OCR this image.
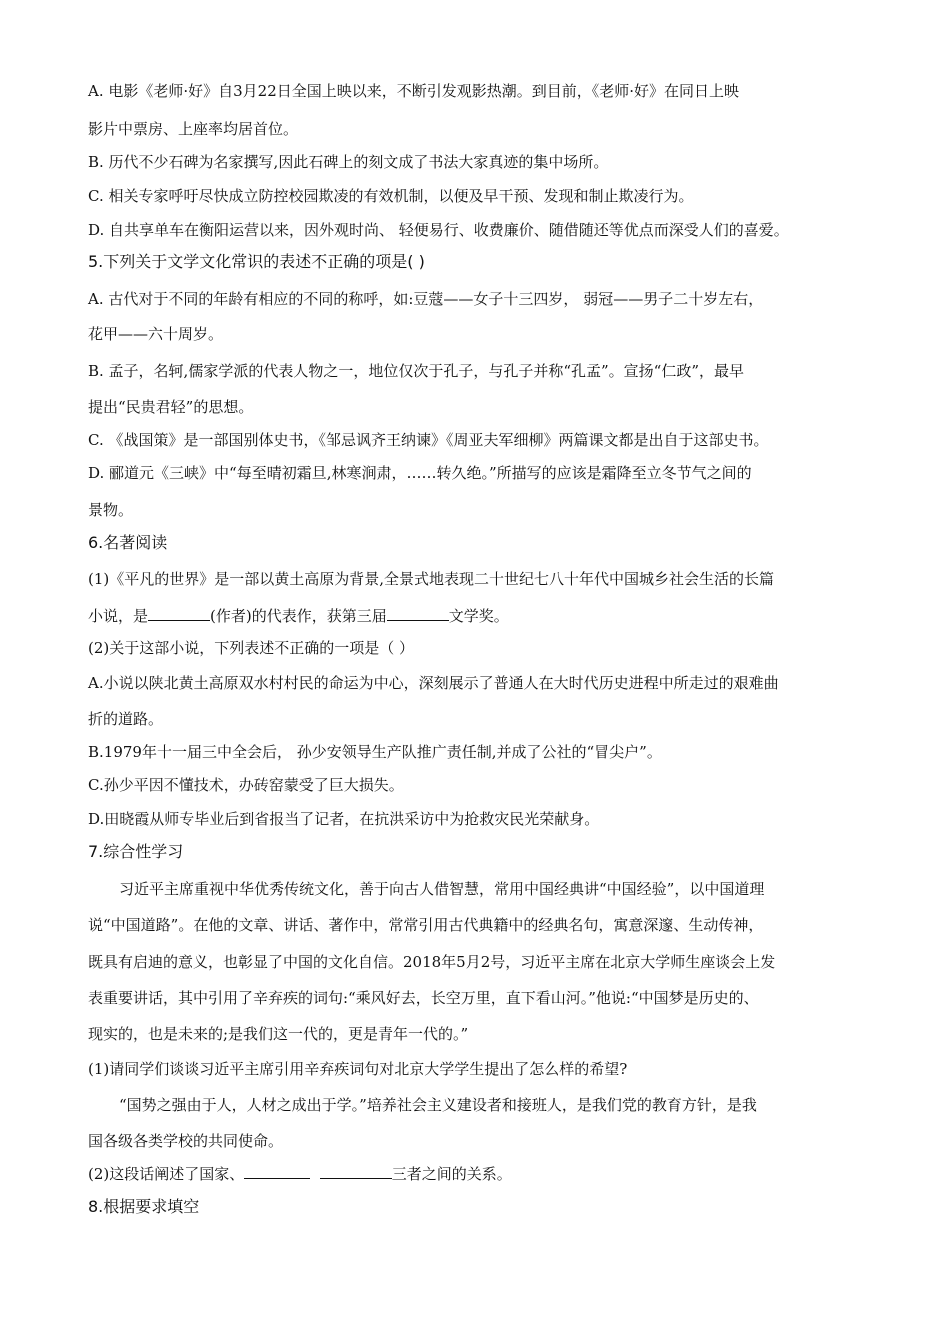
A. 电影《老师·好》自3月22日全国上映以来，不断引发观影热潮。到目前，《老师·好》在同日上映
影片中票房、上座率均居首位。
B. 历代不少石碑为名家撰写,因此石碑上的刻文成了书法大家真迹的集中场所。
C. 相关专家呼吁尽快成立防控校园欺凌的有效机制，以便及早干预、发现和制止欺凌行为。
D. 自共享单车在衡阳运营以来，因外观时尚、 轻便易行、收费廉价、随借随还等优点而深受人们的喜爱。
5.下列关于文学文化常识的表述不正确的项是( )
A. 古代对于不同的年龄有相应的不同的称呼，如:豆蔻——女子十三四岁， 弱冠——男子二十岁左右，
花甲——六十周岁。
B. 孟子，名轲,儒家学派的代表人物之一，地位仅次于孔子，与孔子并称“孔孟”。宣扬“仁政”，最早
提出“民贵君轻”的思想。
C. 《战国策》是一部国别体史书，《邹忌讽齐王纳谏》《周亚夫军细柳》两篇课文都是出自于这部史书。
D. 郦道元《三峡》中“每至晴初霜旦,林寒涧肃，……转久绝。”所描写的应该是霜降至立冬节气之间的
景物。
6.名著阅读
(1)《平凡的世界》是一部以黄土高原为背景,全景式地表现二十世纪七八十年代中国城乡社会生活的长篇
小说，是	(作者)的代表作，获第三届	文学奖。
(2)关于这部小说，下列表述不正确的一项是（ ）
A.小说以陕北黄土高原双水村村民的命运为中心，深刻展示了普通人在大时代历史进程中所走过的艰难曲
折的道路。
B.1979年十一届三中全会后， 孙少安领导生产队推广责任制,并成了公社的“冒尖户”。
C.孙少平因不懂技术，办砖窑蒙受了巨大损失。
D.田晓霞从师专毕业后到省报当了记者，在抗洪采访中为抢救灾民光荣献身。
7.综合性学习
习近平主席重视中华优秀传统文化，善于向古人借智慧，常用中国经典讲“中国经验”，以中国道理
说“中国道路”。在他的文章、讲话、著作中，常常引用古代典籍中的经典名句，寓意深邃、生动传神，
既具有启迪的意义，也彰显了中国的文化自信。2018年5月2号，习近平主席在北京大学师生座谈会上发
表重要讲话，其中引用了辛弃疾的词句:“乘风好去，长空万里，直下看山河。”他说:“中国梦是历史的、
现实的，也是未来的;是我们这一代的，更是青年一代的。”
(1)请同学们谈谈习近平主席引用辛弃疾词句对北京大学学生提出了怎么样的希望?
“国势之强由于人，人材之成出于学。”培养社会主义建设者和接班人，是我们党的教育方针，是我
国各级各类学校的共同使命。
(2)这段话阐述了国家、	三者之间的关系。
8.根据要求填空
